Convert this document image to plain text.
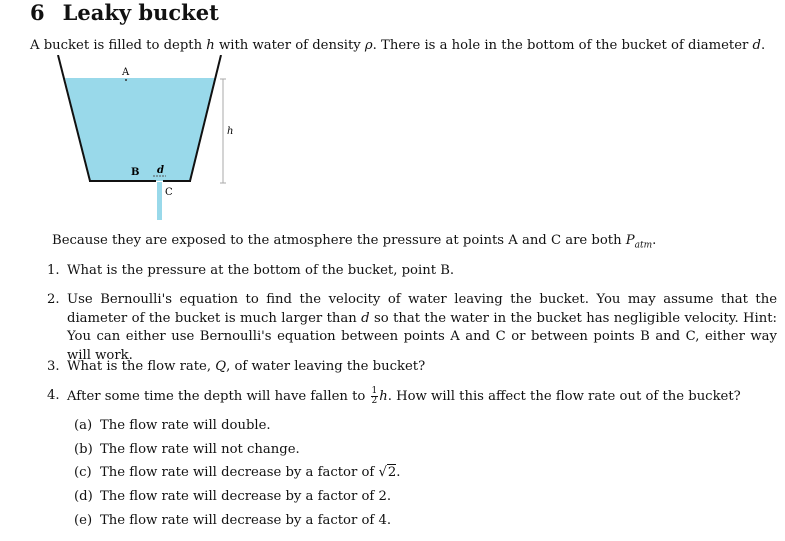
6 Leaky bucket
A bucket is filled to depth h with water of density ρ. There is a hole in the bottom of the bucket of diameter d.
A
B d
C
h
Because they are exposed to the atmosphere the pressure at points A and C are both $P_{atm}$.
1. What is the pressure at the bottom of the bucket, point B.
2. Use Bernoulli's equation to find the velocity of water leaving the bucket. You may assume that the diameter of the bucket is much larger than d so that the water in the bucket has negligible velocity. Hint: You can either use Bernoulli's equation between points A and C or between points B and C, either way will work.
3. What is the flow rate, Q, of water leaving the bucket?
4. After some time the depth will have fallen to $\frac{1}{2} h$. How will this affect the flow rate out of the bucket?
(a) The flow rate will double.
(b) The flow rate will not change.
(c) The flow rate will decrease by a factor of √2.
(d) The flow rate will decrease by a factor of 2.
(e) The flow rate will decrease by a factor of 4.
